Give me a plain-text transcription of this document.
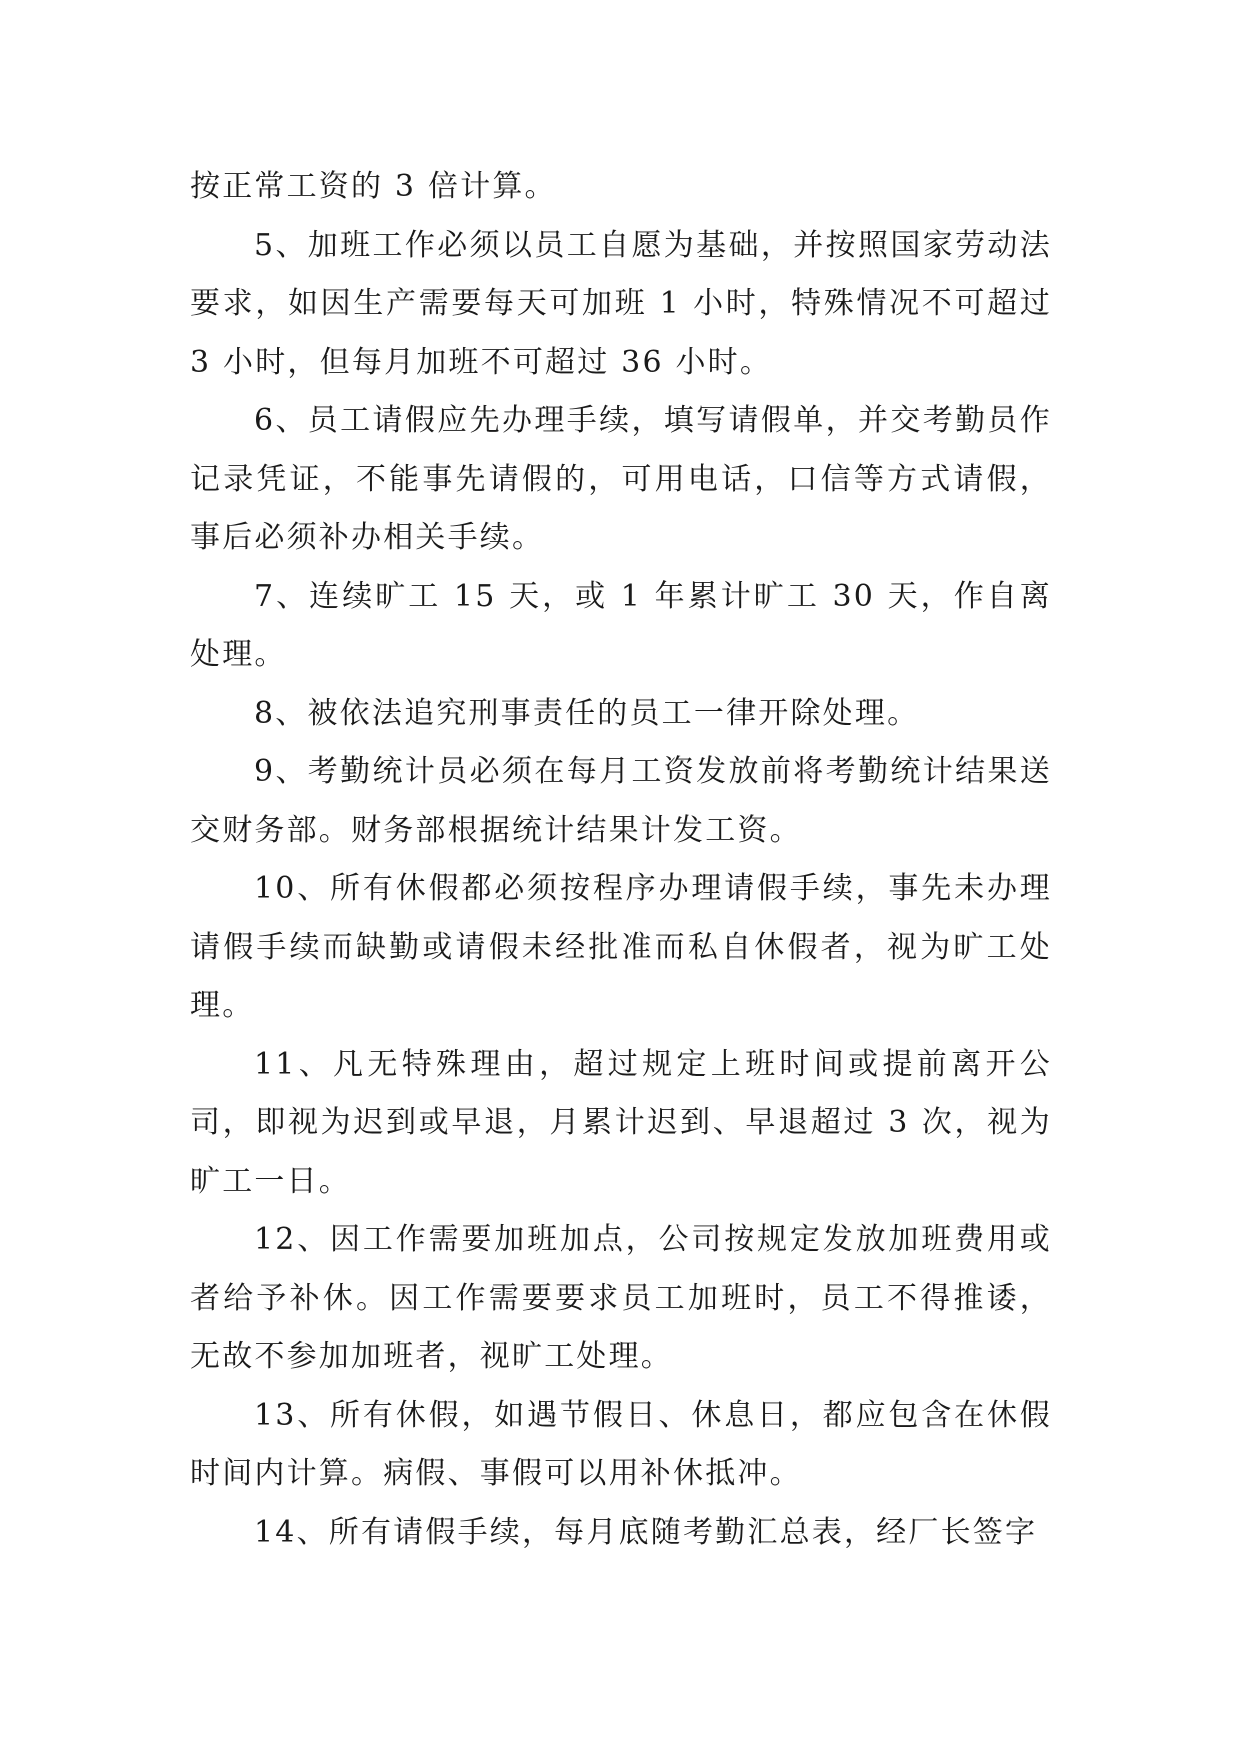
按正常工资的 3 倍计算。

5、加班工作必须以员工自愿为基础，并按照国家劳动法要求，如因生产需要每天可加班 1 小时，特殊情况不可超过 3 小时，但每月加班不可超过 36 小时。

6、员工请假应先办理手续，填写请假单，并交考勤员作记录凭证，不能事先请假的，可用电话，口信等方式请假，事后必须补办相关手续。

7、连续旷工 15 天，或 1 年累计旷工 30 天，作自离处理。

8、被依法追究刑事责任的员工一律开除处理。

9、考勤统计员必须在每月工资发放前将考勤统计结果送交财务部。财务部根据统计结果计发工资。

10、所有休假都必须按程序办理请假手续，事先未办理请假手续而缺勤或请假未经批准而私自休假者，视为旷工处理。

11、凡无特殊理由，超过规定上班时间或提前离开公司，即视为迟到或早退，月累计迟到、早退超过 3 次，视为旷工一日。

12、因工作需要加班加点，公司按规定发放加班费用或者给予补休。因工作需要要求员工加班时，员工不得推诿，无故不参加加班者，视旷工处理。

13、所有休假，如遇节假日、休息日，都应包含在休假时间内计算。病假、事假可以用补休抵冲。

14、所有请假手续，每月底随考勤汇总表，经厂长签字
